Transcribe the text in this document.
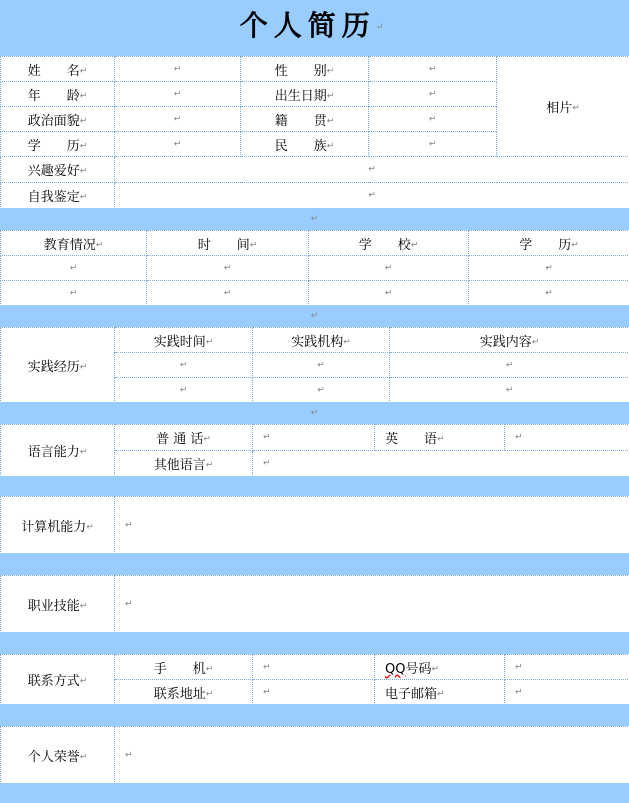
个人简历↵
姓　　名↵	↵	性　　别↵	↵	相片↵
年　　龄↵	↵	出生日期↵	↵	
政治面貌↵	↵	籍　　贯↵	↵	
学　　历↵	↵	民　　族↵	↵	
兴趣爱好↵	↵			
自我鉴定↵	↵			
↵
教育情况↵	时　　间↵	学　　校↵	学　　历↵
↵	↵	↵	↵
↵	↵	↵	↵
↵
实践经历↵	实践时间↵	实践机构↵	实践内容↵
	↵	↵	↵
	↵	↵	↵
↵
语言能力↵	普 通 话↵	↵	英　　语↵	↵
	其他语言↵	↵		
计算机能力↵	↵
职业技能↵	↵
联系方式↵	手　　机↵	↵	QQ号码↵	↵
	联系地址↵	↵	电子邮箱↵	↵
个人荣誉↵	↵
